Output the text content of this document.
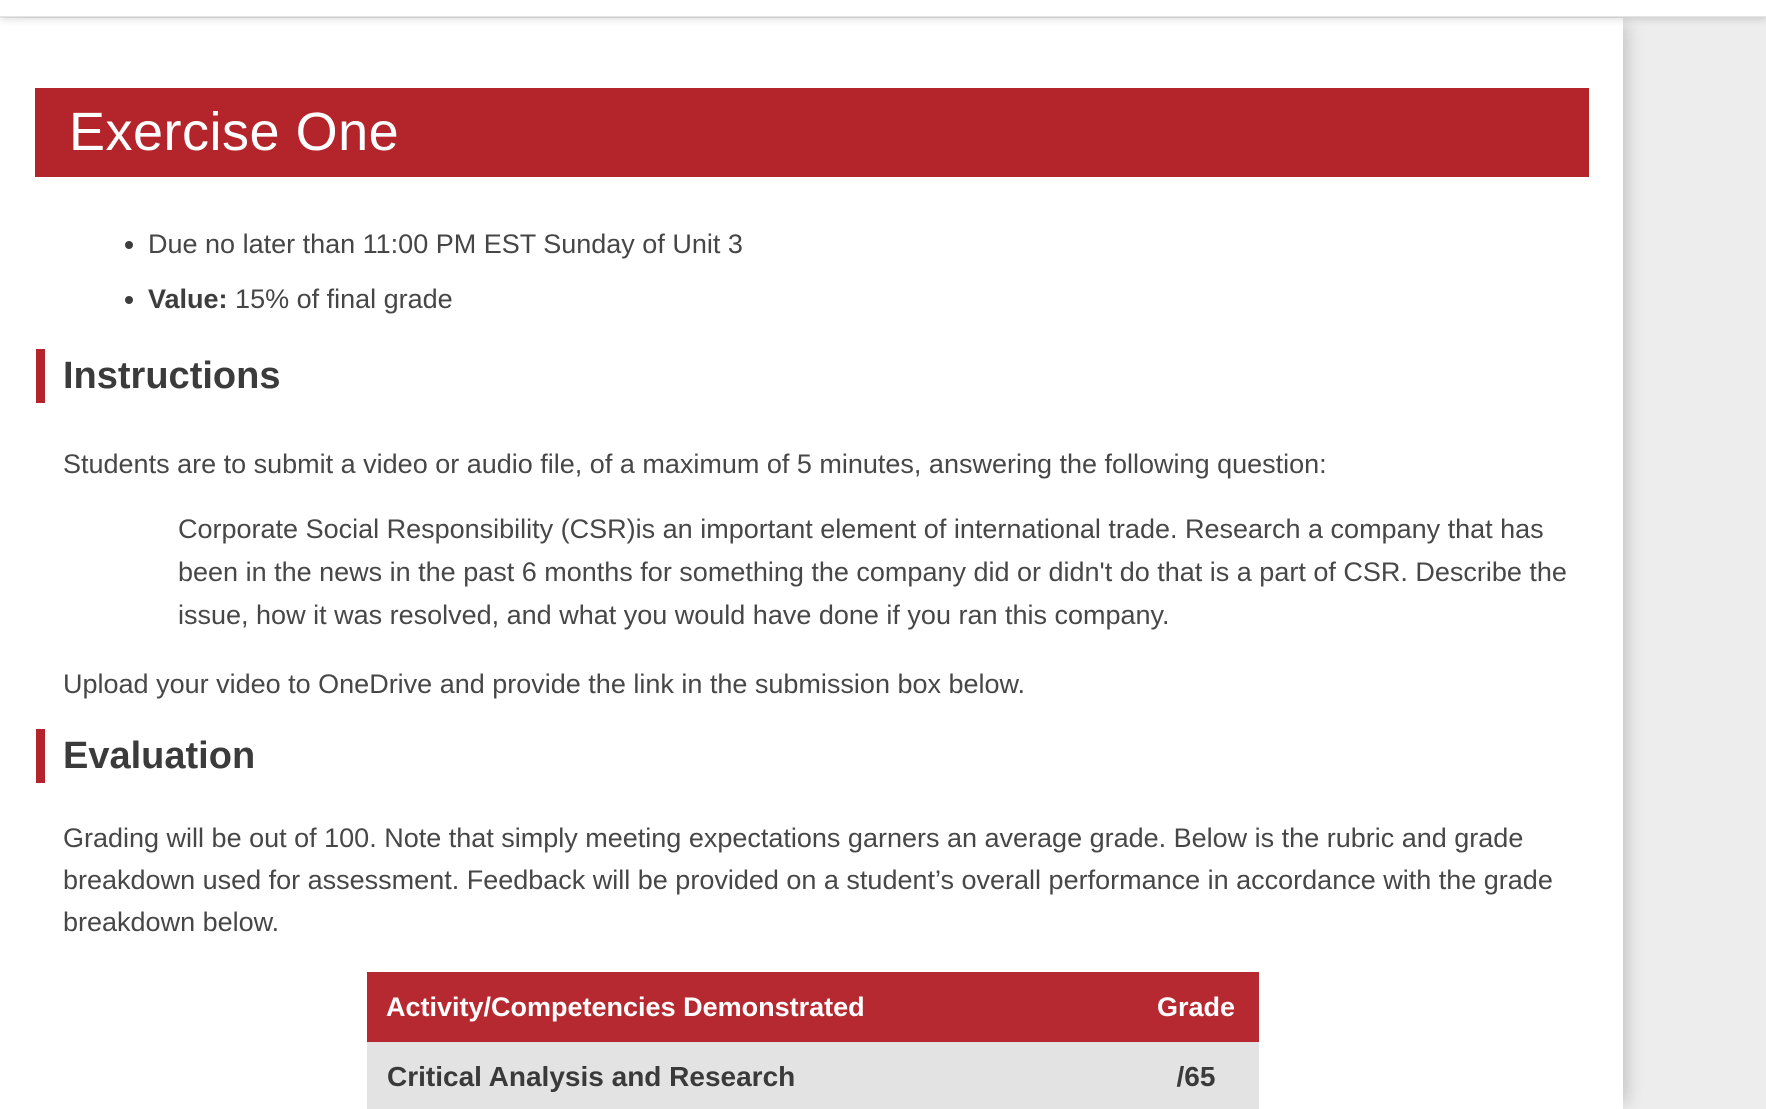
Exercise One
• Due no later than 11:00 PM EST Sunday of Unit 3
• Value: 15% of final grade
Instructions

Students are to submit a video or audio file, of a maximum of 5 minutes, answering the following question:

Corporate Social Responsibility (CSR)is an important element of international trade. Research a company that has been in the news in the past 6 months for something the company did or didn't do that is a part of CSR. Describe the issue, how it was resolved, and what you would have done if you ran this company.

Upload your video to OneDrive and provide the link in the submission box below.

Evaluation

Grading will be out of 100. Note that simply meeting expectations garners an average grade. Below is the rubric and grade breakdown used for assessment. Feedback will be provided on a student’s overall performance in accordance with the grade breakdown below.

Activity/Competencies Demonstrated	Grade
Critical Analysis and Research	/65
